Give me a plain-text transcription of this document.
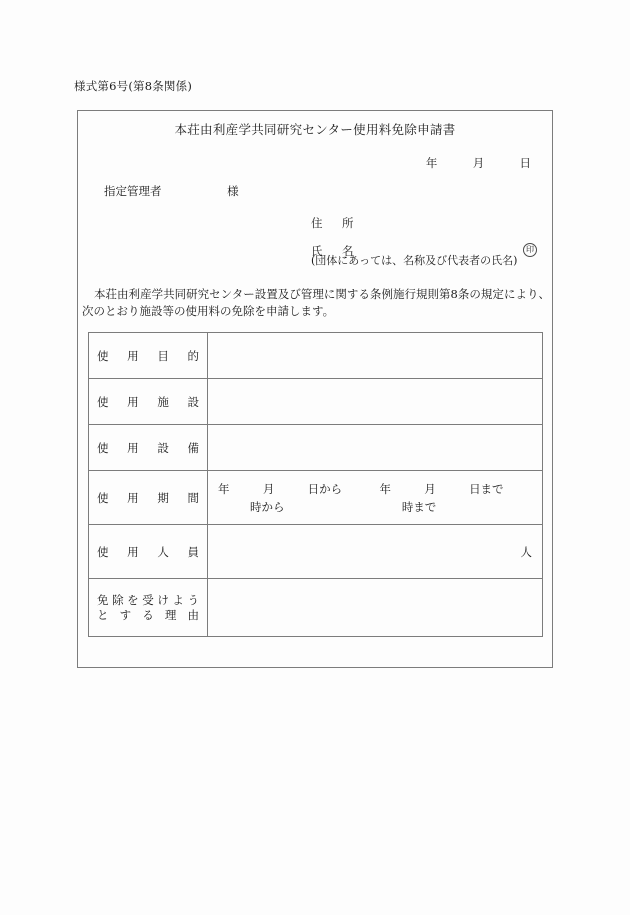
様式第6号(第8条関係)
本荘由利産学共同研究センター使用料免除申請書
年	月	日
指定管理者	様
住　所
氏　名	印
(団体にあっては、名称及び代表者の氏名)
本荘由利産学共同研究センター設置及び管理に関する条例施行規則第8条の規定により、次のとおり施設等の使用料の免除を申請します。
使用目的	

使用施設	

使用設備	

使用期間	年 月 日から 年 月 日まで
時から 時まで

使用人員	人

免除を受けよう
とする理由	
